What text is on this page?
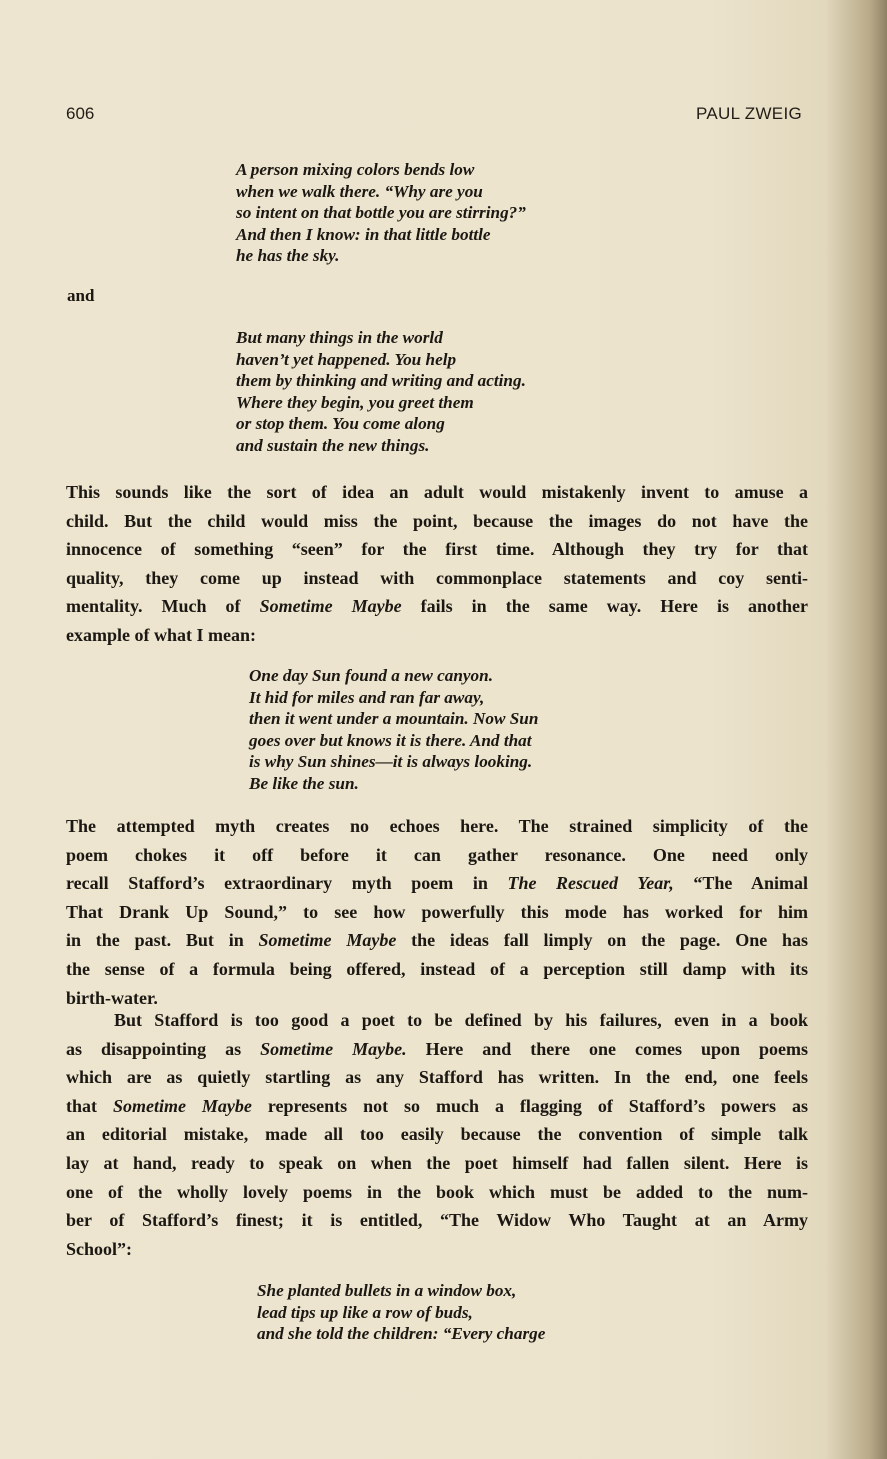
606	PAUL ZWEIG
A person mixing colors bends low
when we walk there. “Why are you
so intent on that bottle you are stirring?”
And then I know: in that little bottle
he has the sky.
and
But many things in the world
haven’t yet happened. You help
them by thinking and writing and acting.
Where they begin, you greet them
or stop them. You come along
and sustain the new things.
This sounds like the sort of idea an adult would mistakenly invent to amuse a
child. But the child would miss the point, because the images do not have the
innocence of something “seen” for the first time. Although they try for that
quality, they come up instead with commonplace statements and coy senti-
mentality. Much of Sometime Maybe fails in the same way. Here is another
example of what I mean:
One day Sun found a new canyon.
It hid for miles and ran far away,
then it went under a mountain. Now Sun
goes over but knows it is there. And that
is why Sun shines—it is always looking.
Be like the sun.
The attempted myth creates no echoes here. The strained simplicity of the
poem chokes it off before it can gather resonance. One need only
recall Stafford’s extraordinary myth poem in The Rescued Year, “The Animal
That Drank Up Sound,” to see how powerfully this mode has worked for him
in the past. But in Sometime Maybe the ideas fall limply on the page. One has
the sense of a formula being offered, instead of a perception still damp with its
birth-water.
But Stafford is too good a poet to be defined by his failures, even in a book
as disappointing as Sometime Maybe. Here and there one comes upon poems
which are as quietly startling as any Stafford has written. In the end, one feels
that Sometime Maybe represents not so much a flagging of Stafford’s powers as
an editorial mistake, made all too easily because the convention of simple talk
lay at hand, ready to speak on when the poet himself had fallen silent. Here is
one of the wholly lovely poems in the book which must be added to the num-
ber of Stafford’s finest; it is entitled, “The Widow Who Taught at an Army
School”:
She planted bullets in a window box,
lead tips up like a row of buds,
and she told the children: “Every charge
